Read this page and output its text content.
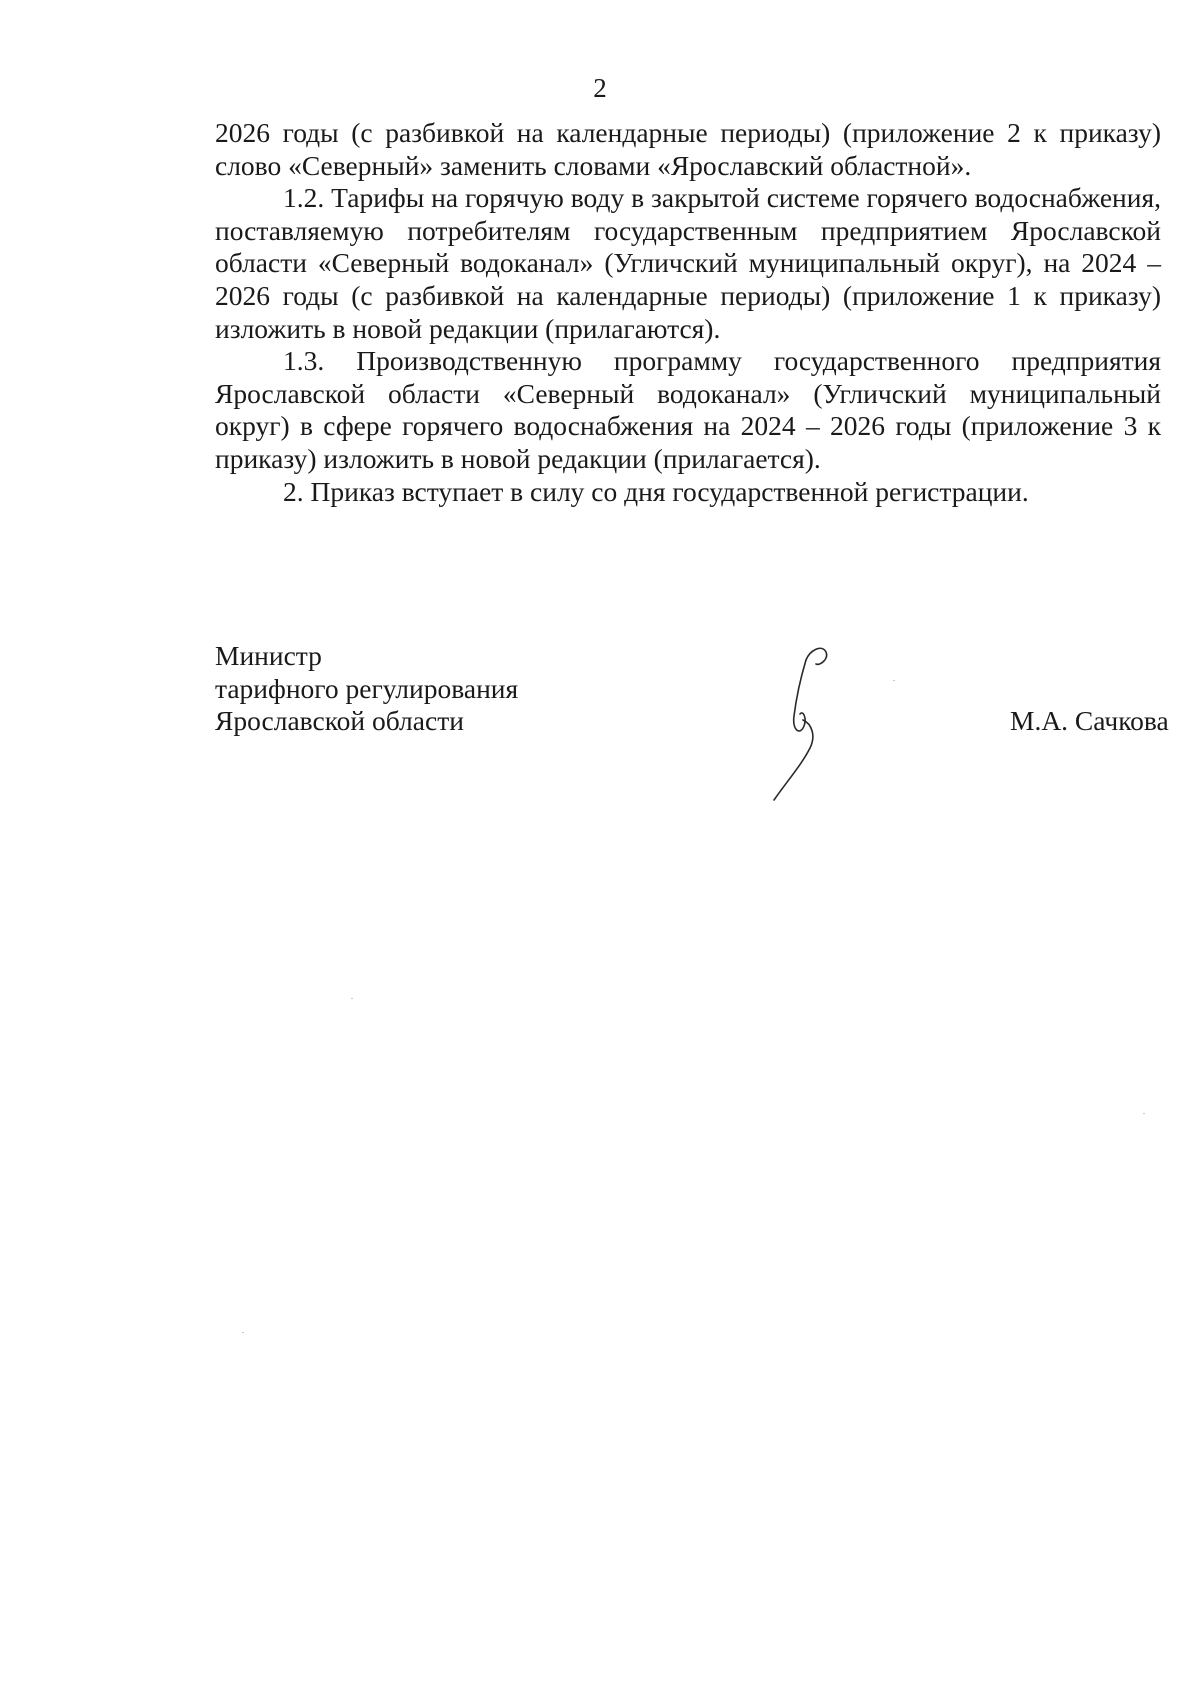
2

2026 годы (с разбивкой на календарные периоды) (приложение 2 к приказу) слово «Северный» заменить словами «Ярославский областной».

1.2. Тарифы на горячую воду в закрытой системе горячего водоснабжения, поставляемую потребителям государственным предприятием Ярославской области «Северный водоканал» (Угличский муниципальный округ), на 2024 – 2026 годы (с разбивкой на календарные периоды) (приложение 1 к приказу) изложить в новой редакции (прилагаются).

1.3. Производственную программу государственного предприятия Ярославской области «Северный водоканал» (Угличский муниципальный округ) в сфере горячего водоснабжения на 2024 – 2026 годы (приложение 3 к приказу) изложить в новой редакции (прилагается).

2. Приказ вступает в силу со дня государственной регистрации.

Министр
тарифного регулирования
Ярославской области	М.А. Сачкова
